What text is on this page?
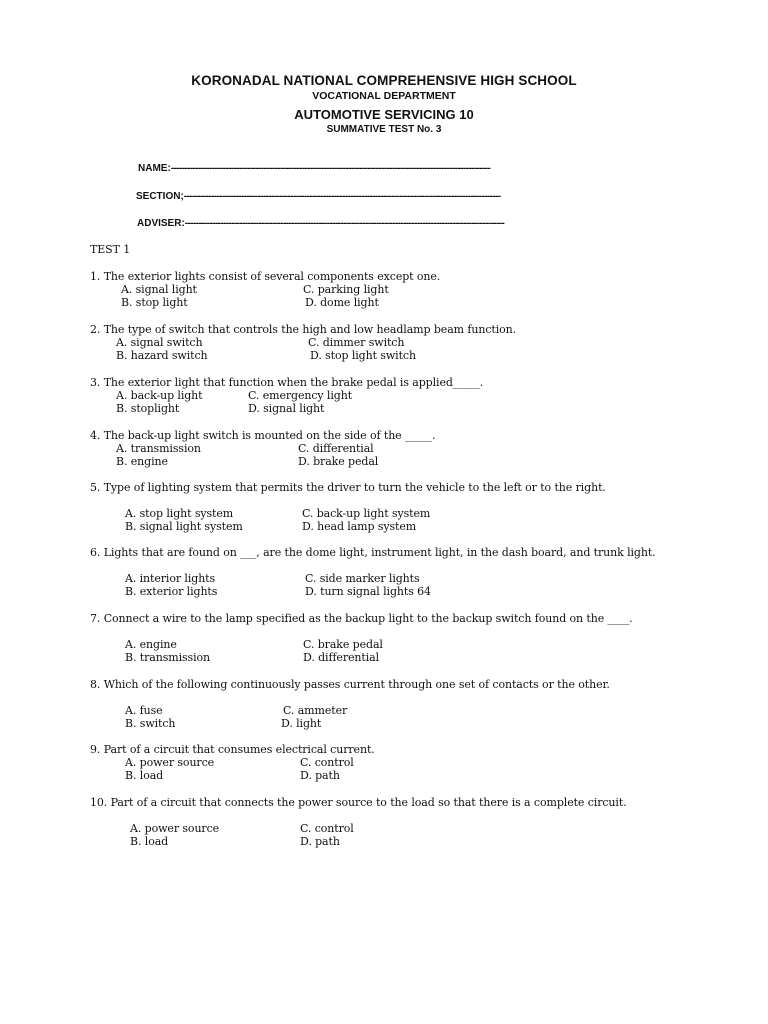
KORONADAL NATIONAL COMPREHENSIVE HIGH SCHOOL
VOCATIONAL DEPARTMENT
AUTOMOTIVE SERVICING 10
SUMMATIVE TEST No. 3
NAME:---------------------------------------------------------------------------------------------------------------------
SECTION;--------------------------------------------------------------------------------------------------------------------
ADVISER:---------------------------------------------------------------------------------------------------------------------
TEST 1
1. The exterior lights consist of several components except one.
A. signal light	C. parking light
B. stop light	D. dome light
2. The type of switch that controls the high and low headlamp beam function.
A. signal switch	C. dimmer switch
B. hazard switch	D. stop light switch
3. The exterior light that function when the brake pedal is applied_____.
A. back-up light	C. emergency light
B. stoplight	D. signal light
4. The back-up light switch is mounted on the side of the _____.
A. transmission	C. differential
B. engine	D. brake pedal
5. Type of lighting system that permits the driver to turn the vehicle to the left or to the right.
A. stop light system	C. back-up light system
B. signal light system	D. head lamp system
6. Lights that are found on ___, are the dome light, instrument light, in the dash board, and trunk light.
A. interior lights	C. side marker lights
B. exterior lights	D. turn signal lights 64
7. Connect a wire to the lamp specified as the backup light to the backup switch found on the ____.
A. engine	C. brake pedal
B. transmission	D. differential
8. Which of the following continuously passes current through one set of contacts or the other.
A. fuse	C. ammeter
B. switch	D. light
9. Part of a circuit that consumes electrical current.
A. power source	C. control
B. load	D. path
10. Part of a circuit that connects the power source to the load so that there is a complete circuit.
A. power source	C. control
B. load	D. path
